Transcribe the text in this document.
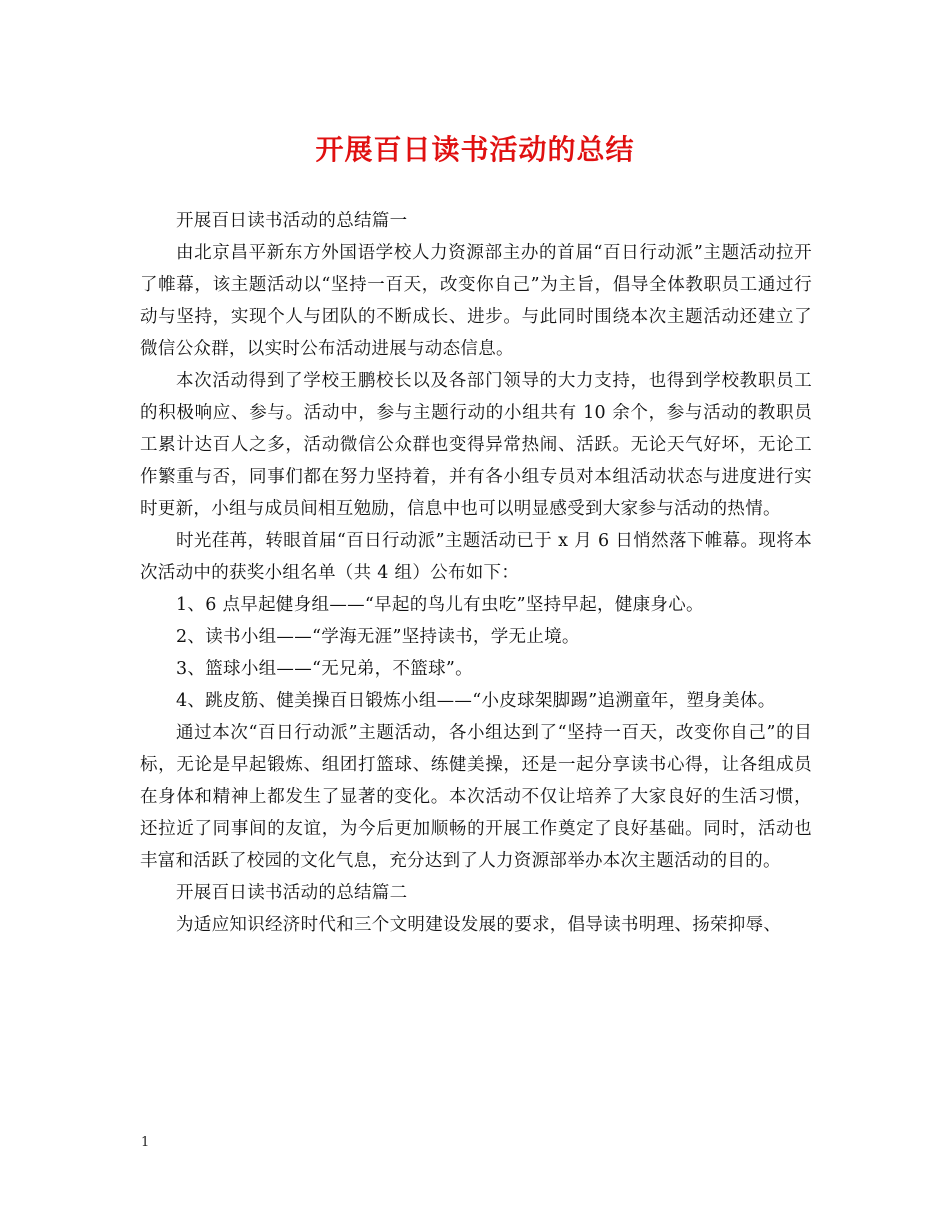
开展百日读书活动的总结

开展百日读书活动的总结篇一

由北京昌平新东方外国语学校人力资源部主办的首届“百日行动派”主题活动拉开了帷幕，该主题活动以“坚持一百天，改变你自己”为主旨，倡导全体教职员工通过行动与坚持，实现个人与团队的不断成长、进步。与此同时围绕本次主题活动还建立了微信公众群，以实时公布活动进展与动态信息。

本次活动得到了学校王鹏校长以及各部门领导的大力支持，也得到学校教职员工的积极响应、参与。活动中，参与主题行动的小组共有 10 余个，参与活动的教职员工累计达百人之多，活动微信公众群也变得异常热闹、活跃。无论天气好坏，无论工作繁重与否，同事们都在努力坚持着，并有各小组专员对本组活动状态与进度进行实时更新，小组与成员间相互勉励，信息中也可以明显感受到大家参与活动的热情。

时光荏苒，转眼首届“百日行动派”主题活动已于 x 月 6 日悄然落下帷幕。现将本次活动中的获奖小组名单（共 4 组）公布如下：

1、6 点早起健身组——“早起的鸟儿有虫吃”坚持早起，健康身心。

2、读书小组——“学海无涯”坚持读书，学无止境。

3、篮球小组——“无兄弟，不篮球”。

4、跳皮筋、健美操百日锻炼小组——“小皮球架脚踢”追溯童年，塑身美体。

通过本次“百日行动派”主题活动，各小组达到了“坚持一百天，改变你自己”的目标，无论是早起锻炼、组团打篮球、练健美操，还是一起分享读书心得，让各组成员在身体和精神上都发生了显著的变化。本次活动不仅让培养了大家良好的生活习惯，还拉近了同事间的友谊，为今后更加顺畅的开展工作奠定了良好基础。同时，活动也丰富和活跃了校园的文化气息，充分达到了人力资源部举办本次主题活动的目的。

开展百日读书活动的总结篇二

为适应知识经济时代和三个文明建设发展的要求，倡导读书明理、扬荣抑辱、

1
